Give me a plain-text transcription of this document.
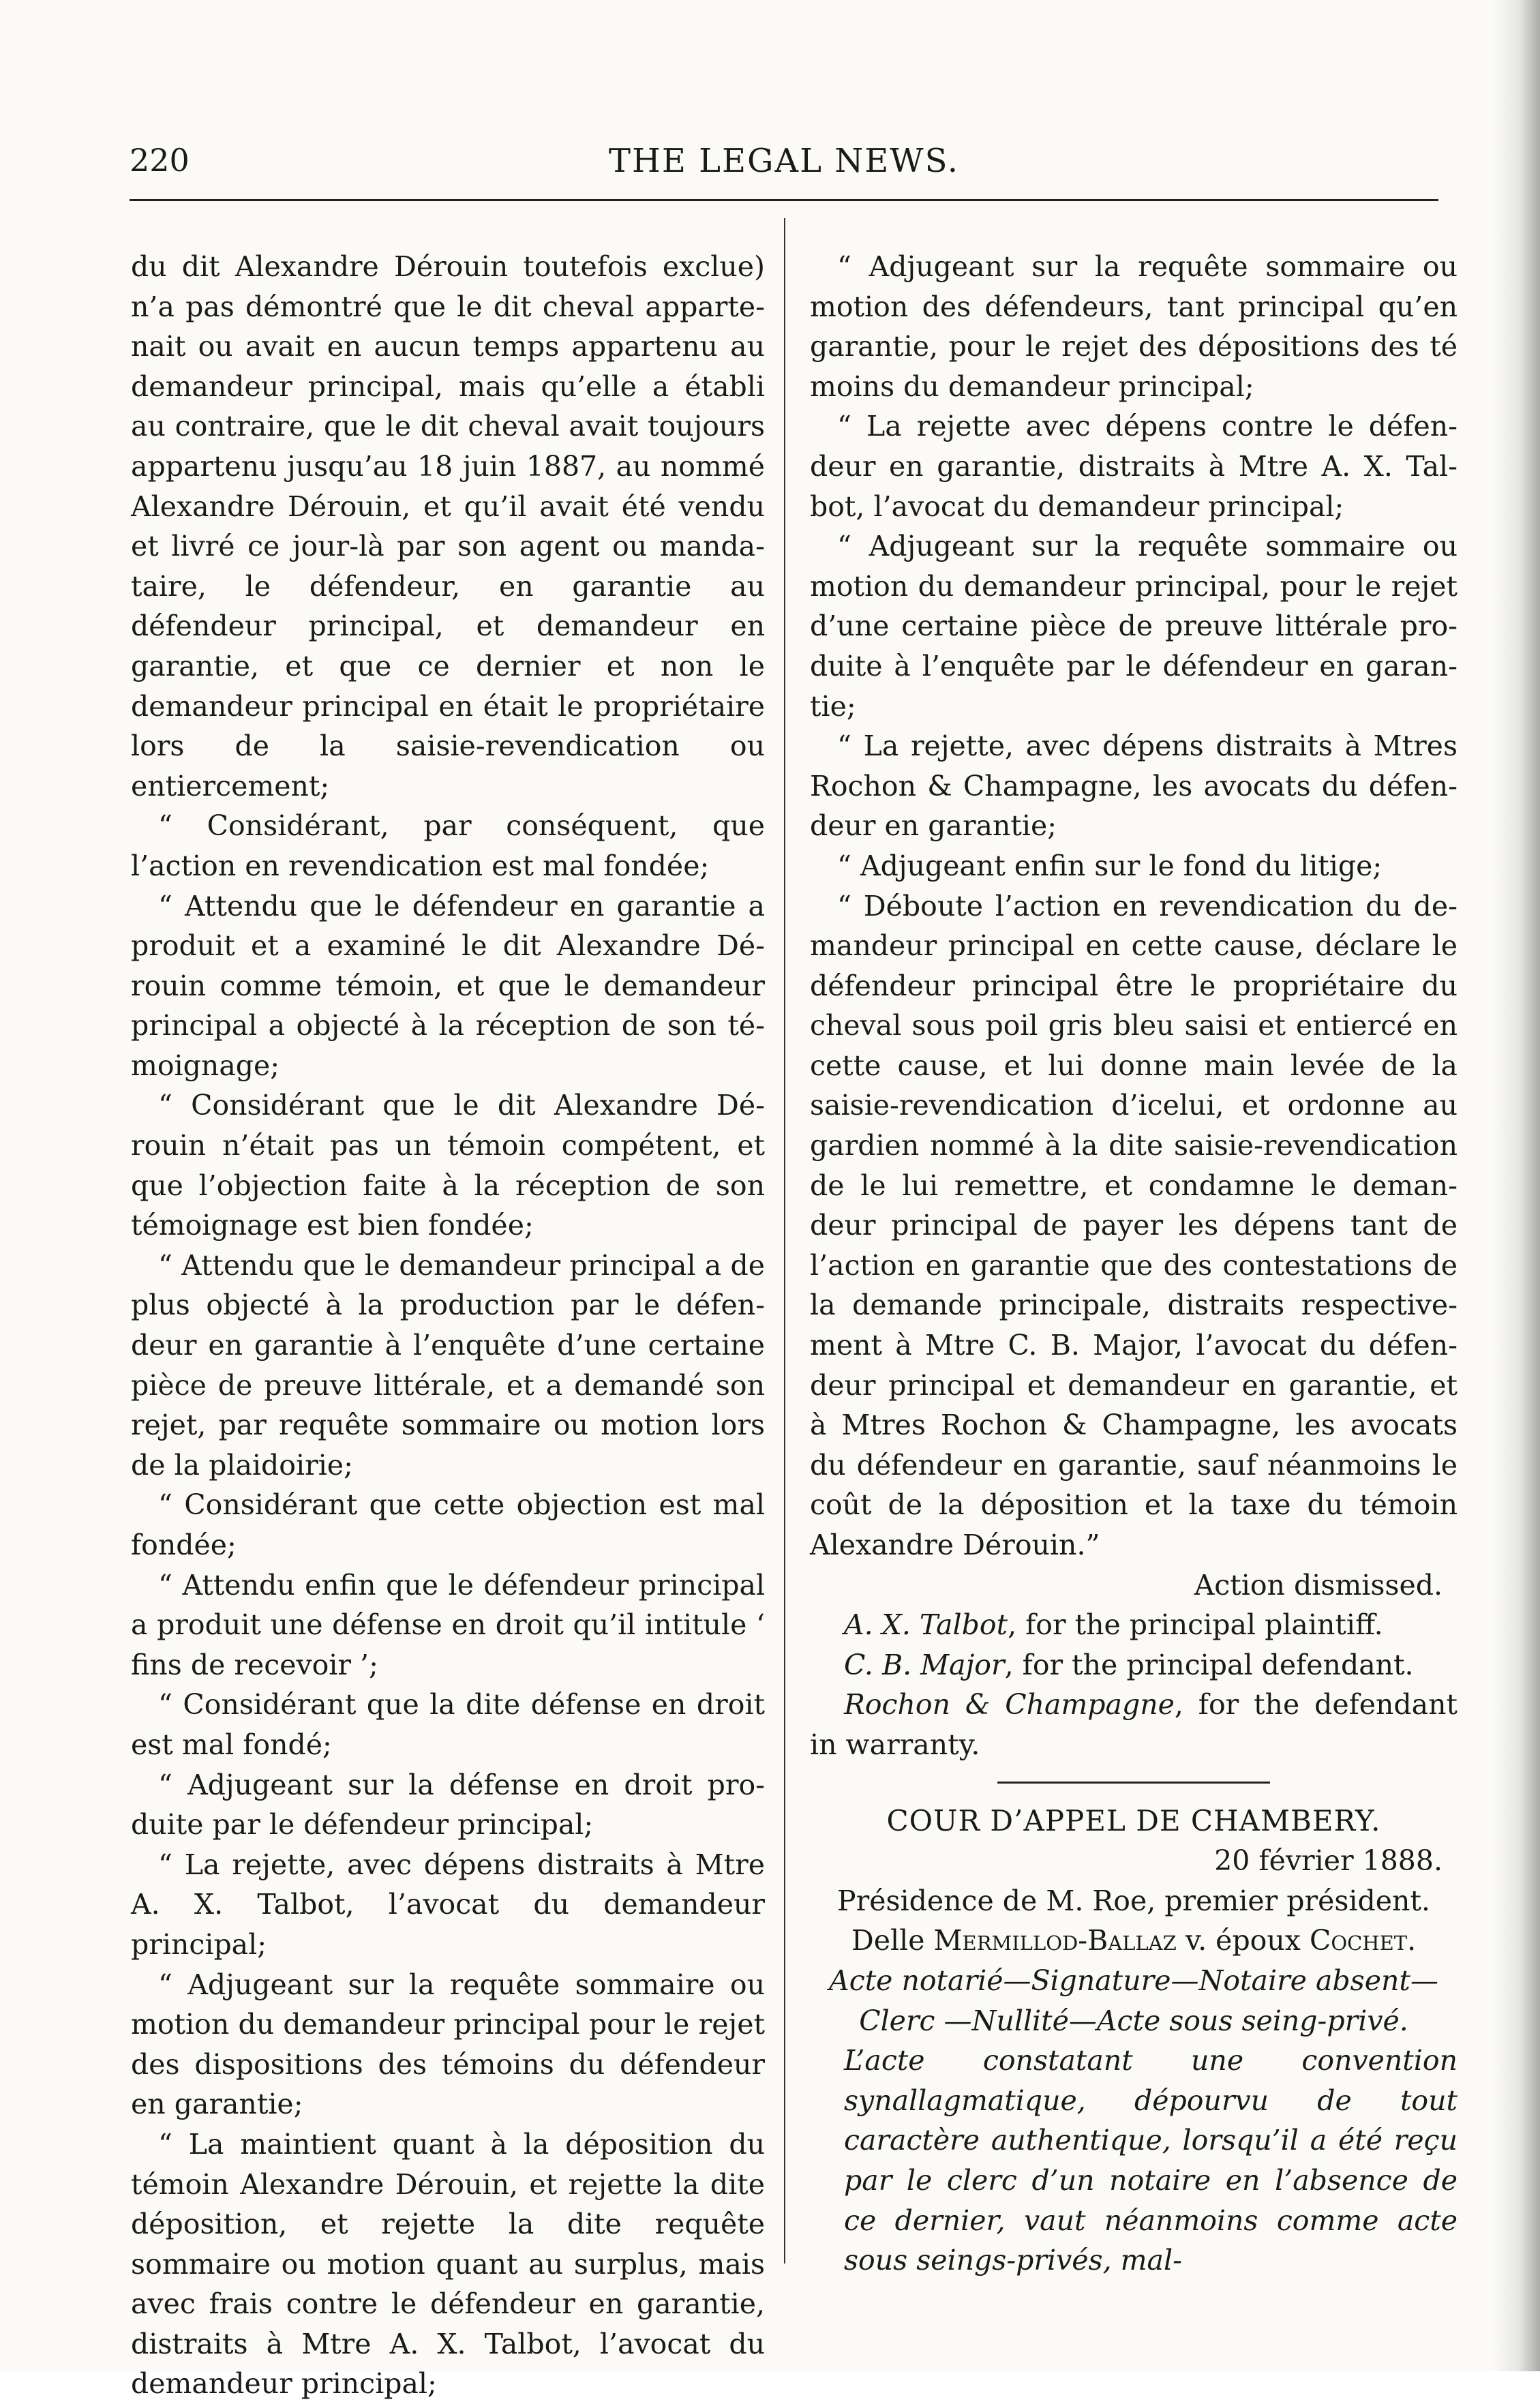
220	THE LEGAL NEWS.

du dit Alexandre Dérouin toutefois exclue) n’a pas démontré que le dit cheval appartenait ou avait en aucun temps appartenu au demandeur principal, mais qu’elle a établi au contraire, que le dit cheval avait toujours appartenu jusqu’au 18 juin 1887, au nommé Alexandre Dérouin, et qu’il avait été vendu et livré ce jour-là par son agent ou mandataire, le défendeur, en garantie au défendeur principal, et demandeur en garantie, et que ce dernier et non le demandeur principal en était le propriétaire lors de la saisie-revendication ou entiercement;

“ Considérant, par conséquent, que l’action en revendication est mal fondée;

“ Attendu que le défendeur en garantie a produit et a examiné le dit Alexandre Dérouin comme témoin, et que le demandeur principal a objecté à la réception de son témoignage;

“ Considérant que le dit Alexandre Dérouin n’était pas un témoin compétent, et que l’objection faite à la réception de son témoignage est bien fondée;

“ Attendu que le demandeur principal a de plus objecté à la production par le défendeur en garantie à l’enquête d’une certaine pièce de preuve littérale, et a demandé son rejet, par requête sommaire ou motion lors de la plaidoirie;

“ Considérant que cette objection est mal fondée;

“ Attendu enfin que le défendeur principal a produit une défense en droit qu’il intitule ‘ fins de recevoir ’;

“ Considérant que la dite défense en droit est mal fondé;

“ Adjugeant sur la défense en droit produite par le défendeur principal;

“ La rejette, avec dépens distraits à Mtre A. X. Talbot, l’avocat du demandeur principal;

“ Adjugeant sur la requête sommaire ou motion du demandeur principal pour le rejet des dispositions des témoins du défendeur en garantie;

“ La maintient quant à la déposition du témoin Alexandre Dérouin, et rejette la dite déposition, et rejette la dite requête sommaire ou motion quant au surplus, mais avec frais contre le défendeur en garantie, distraits à Mtre A. X. Talbot, l’avocat du demandeur principal;

“ Adjugeant sur la requête sommaire ou motion des défendeurs, tant principal qu’en garantie, pour le rejet des dépositions des té moins du demandeur principal;

“ La rejette avec dépens contre le défendeur en garantie, distraits à Mtre A. X. Talbot, l’avocat du demandeur principal;

“ Adjugeant sur la requête sommaire ou motion du demandeur principal, pour le rejet d’une certaine pièce de preuve littérale produite à l’enquête par le défendeur en garantie;

“ La rejette, avec dépens distraits à Mtres Rochon & Champagne, les avocats du défendeur en garantie;

“ Adjugeant enfin sur le fond du litige;

“ Déboute l’action en revendication du demandeur principal en cette cause, déclare le défendeur principal être le propriétaire du cheval sous poil gris bleu saisi et entiercé en cette cause, et lui donne main levée de la saisie-revendication d’icelui, et ordonne au gardien nommé à la dite saisie-revendication de le lui remettre, et condamne le demandeur principal de payer les dépens tant de l’action en garantie que des contestations de la demande principale, distraits respectivement à Mtre C. B. Major, l’avocat du défendeur principal et demandeur en garantie, et à Mtres Rochon & Champagne, les avocats du défendeur en garantie, sauf néanmoins le coût de la déposition et la taxe du témoin Alexandre Dérouin.”

Action dismissed.

A. X. Talbot, for the principal plaintiff.

C. B. Major, for the principal defendant.

Rochon & Champagne, for the defendant in warranty.

COUR D’APPEL DE CHAMBERY.

20 février 1888.

Présidence de M. Roe, premier président.

Delle Mermillod-Ballaz v. époux Cochet.

Acte notarié—Signature—Notaire absent—Clerc —Nullité—Acte sous seing-privé.

L’acte constatant une convention synallagmatique, dépourvu de tout caractère authentique, lorsqu’il a été reçu par le clerc d’un notaire en l’absence de ce dernier, vaut néanmoins comme acte sous seings-privés, mal-
